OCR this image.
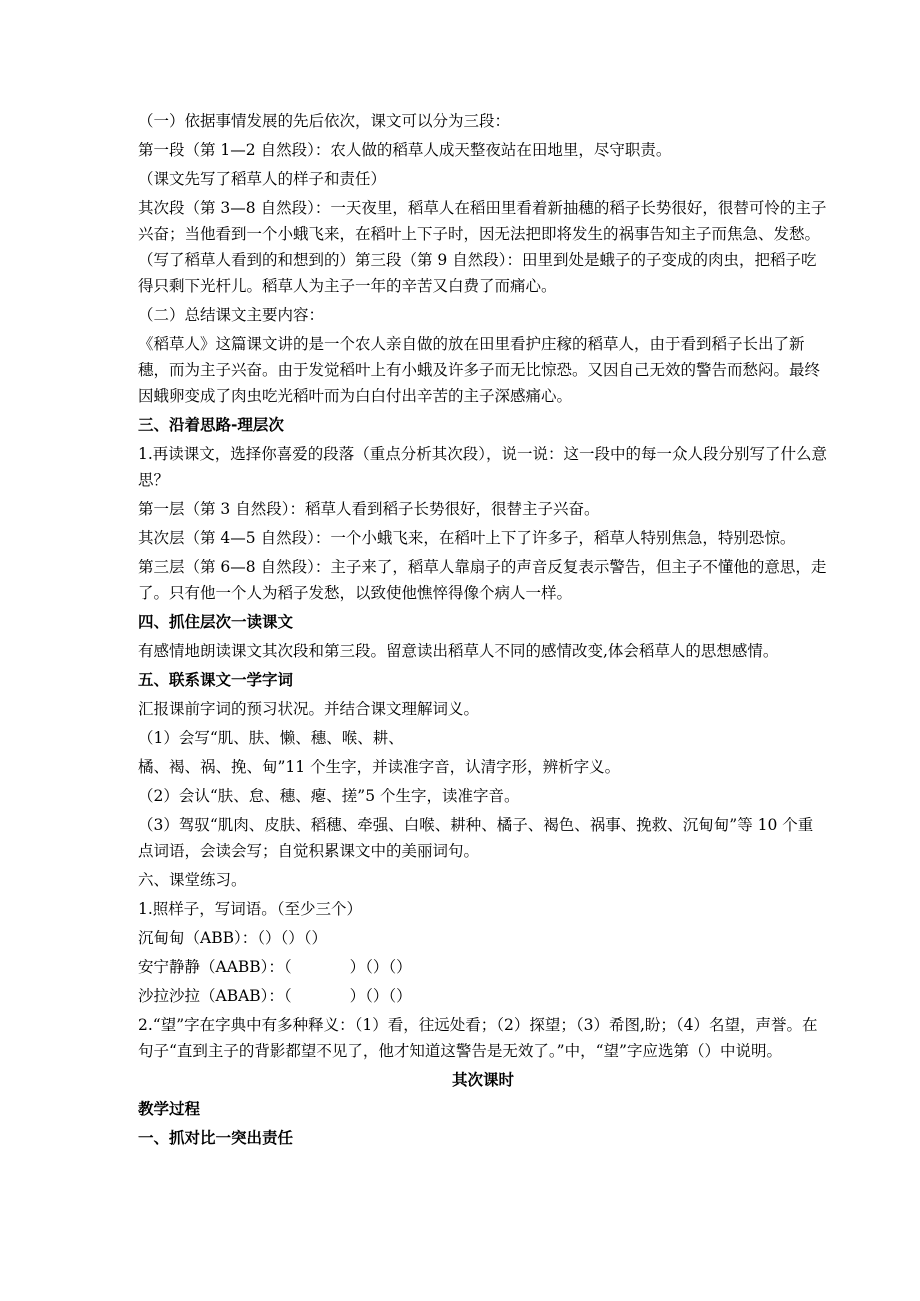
（一）依据事情发展的先后依次，课文可以分为三段：

第一段（第 1—2 自然段）：农人做的稻草人成天整夜站在田地里，尽守职责。

（课文先写了稻草人的样子和责任）

其次段（第 3—8 自然段）：一天夜里，稻草人在稻田里看着新抽穗的稻子长势很好，很替可怜的主子兴奋；当他看到一个小蛾飞来，在稻叶上下子时，因无法把即将发生的祸事告知主子而焦急、发愁。（写了稻草人看到的和想到的）第三段（第 9 自然段）：田里到处是蛾子的子变成的肉虫，把稻子吃得只剩下光杆儿。稻草人为主子一年的辛苦又白费了而痛心。

（二）总结课文主要内容：

《稻草人》这篇课文讲的是一个农人亲自做的放在田里看护庄稼的稻草人，由于看到稻子长出了新穗，而为主子兴奋。由于发觉稻叶上有小蛾及许多子而无比惊恐。又因自己无效的警告而愁闷。最终因蛾卵变成了肉虫吃光稻叶而为白白付出辛苦的主子深感痛心。

三、沿着思路-理层次

1.再读课文，选择你喜爱的段落（重点分析其次段），说一说：这一段中的每一众人段分别写了什么意思？

第一层（第 3 自然段）：稻草人看到稻子长势很好，很替主子兴奋。

其次层（第 4—5 自然段）：一个小蛾飞来，在稻叶上下了许多子，稻草人特别焦急，特别恐惊。

第三层（第 6—8 自然段）：主子来了，稻草人靠扇子的声音反复表示警告，但主子不懂他的意思，走了。只有他一个人为稻子发愁，以致使他憔悴得像个病人一样。

四、抓住层次一读课文

有感情地朗读课文其次段和第三段。留意读出稻草人不同的感情改变,体会稻草人的思想感情。

五、联系课文一学字词

汇报课前字词的预习状况。并结合课文理解词义。

（1）会写“肌、肤、懒、穗、喉、耕、

橘、褐、祸、挽、甸”11 个生字，并读准字音，认清字形，辨析字义。

（2）会认“肤、怠、穗、瘪、搓”5 个生字，读准字音。

（3）驾驭“肌肉、皮肤、稻穗、牵强、白喉、耕种、橘子、褐色、祸事、挽救、沉甸甸”等 10 个重点词语，会读会写；自觉积累课文中的美丽词句。

六、课堂练习。

1.照样子，写词语。（至少三个）

沉甸甸（ABB）：（）（）（）

安宁静静（AABB）：（	）（）（）

沙拉沙拉（ABAB）：（	）（）（）

2.“望”字在字典中有多种释义：（1）看，往远处看；（2）探望；（3）希图,盼；（4）名望，声誉。在句子“直到主子的背影都望不见了，他才知道这警告是无效了。”中，“望”字应选第（）中说明。

其次课时

教学过程

一、抓对比一突出责任
